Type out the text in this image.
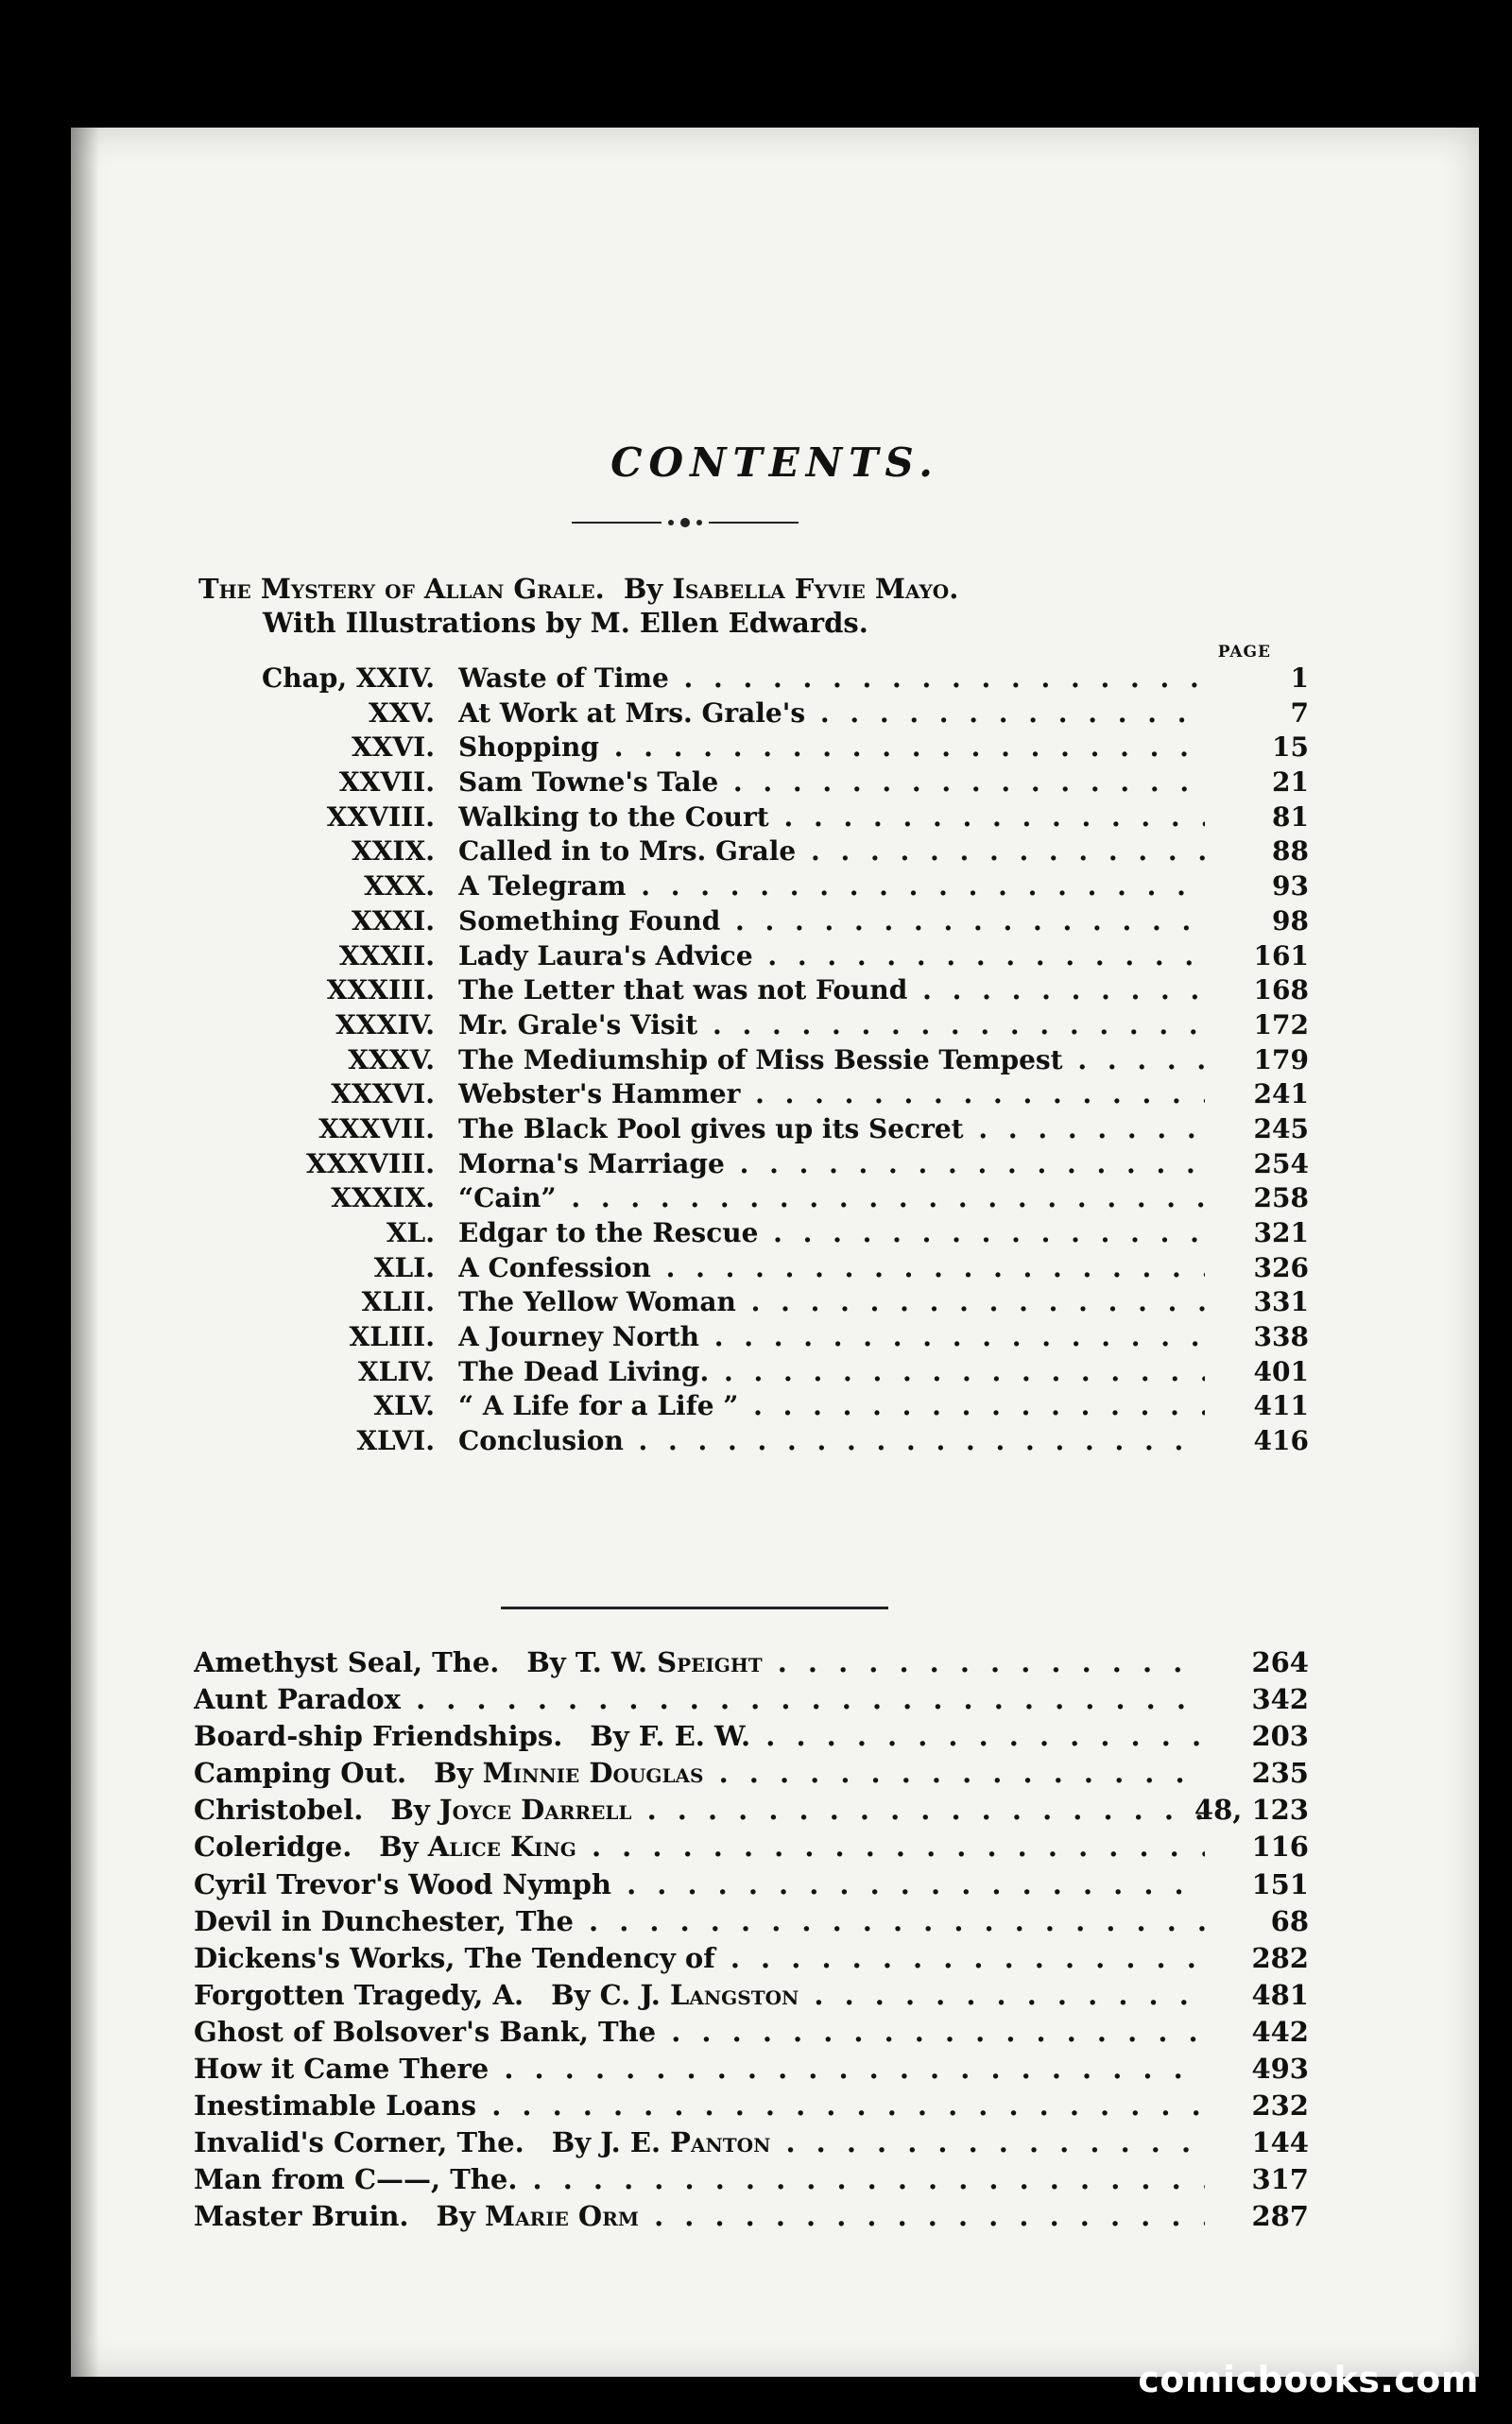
CONTENTS.
The Mystery of Allan Grale. By Isabella Fyvie Mayo.
With Illustrations by M. Ellen Edwards.
PAGE
Chap, XXIV. Waste of Time . .	1
XXV. At Work at Mrs. Grale's . .	7
XXVI. Shopping . .	15
XXVII. Sam Towne's Tale . .	21
XXVIII. Walking to the Court . .	81
XXIX. Called in to Mrs. Grale . .	88
XXX. A Telegram . .	93
XXXI. Something Found . .	98
XXXII. Lady Laura's Advice . .	161
XXXIII. The Letter that was not Found . .	168
XXXIV. Mr. Grale's Visit . .	172
XXXV. The Mediumship of Miss Bessie Tempest . .	179
XXXVI. Webster's Hammer . .	241
XXXVII. The Black Pool gives up its Secret . .	245
XXXVIII. Morna's Marriage . .	254
XXXIX. “Cain” . .	258
XL. Edgar to the Rescue . .	321
XLI. A Confession . .	326
XLII. The Yellow Woman . .	331
XLIII. A Journey North . .	338
XLIV. The Dead Living. . .	401
XLV. “ A Life for a Life ” . .	411
XLVI. Conclusion . .	416
Amethyst Seal, The.  By T. W. Speight . .	264
Aunt Paradox . .	342
Board-ship Friendships.  By F. E. W. . .	203
Camping Out.  By Minnie Douglas . .	235
Christobel.  By Joyce Darrell . .	48, 123
Coleridge.  By Alice King . .	116
Cyril Trevor's Wood Nymph . .	151
Devil in Dunchester, The . .	68
Dickens's Works, The Tendency of . .	282
Forgotten Tragedy, A.  By C. J. Langston . .	481
Ghost of Bolsover's Bank, The . .	442
How it Came There . .	493
Inestimable Loans . .	232
Invalid's Corner, The.  By J. E. Panton . .	144
Man from C——, The. . .	317
Master Bruin.  By Marie Orm . .	287
comicbooks.com
